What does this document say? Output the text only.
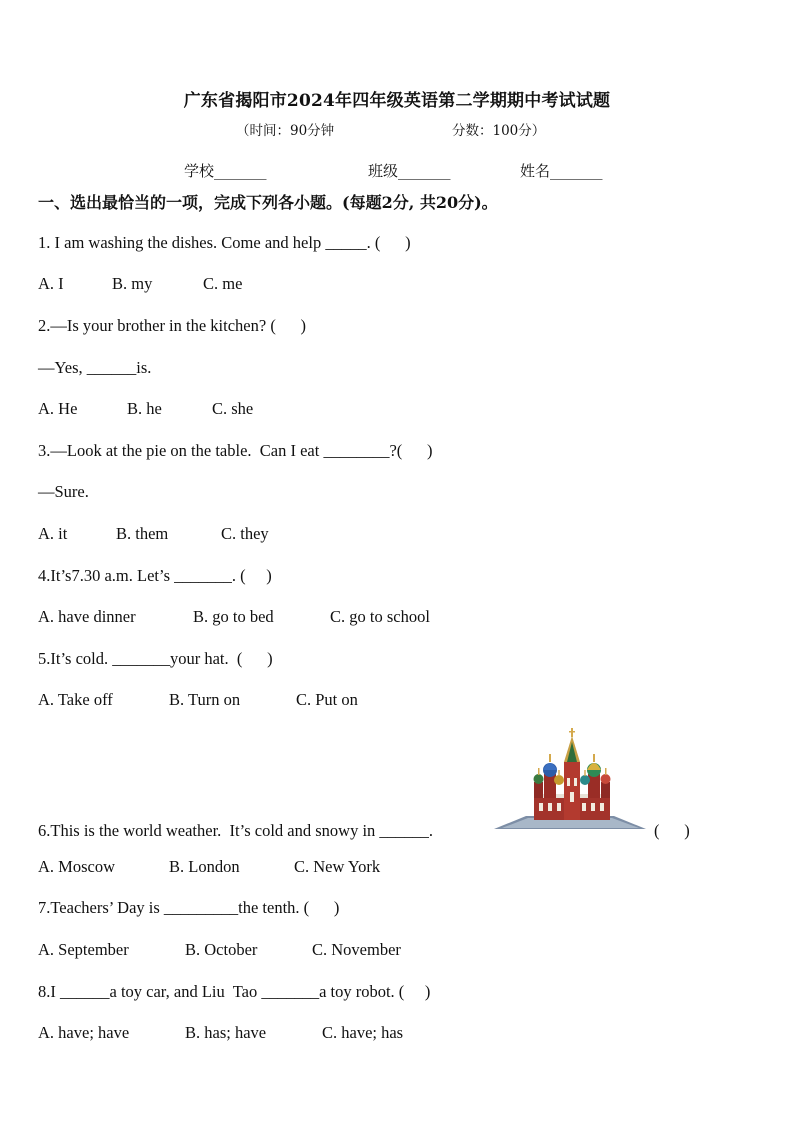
广东省揭阳市2024年四年级英语第二学期期中考试试题
（时间：90分钟	分数：100分）
学校_______	班级_______	姓名_______
一、选出最恰当的一项，完成下列各小题。(每题2分, 共20分)。
1. I am washing the dishes. Come and help _____. (      )
A. I	B. my	C. me
2.—Is your brother in the kitchen? (      )
—Yes, ______is.
A. He	B. he	C. she
3.—Look at the pie on the table.  Can I eat ________?(      )
—Sure.
A. it	B. them	C. they
4.It’s7.30 a.m. Let’s _______. (     )
A. have dinner	B. go to bed	C. go to school
5.It’s cold. _______your hat.  (      )
A. Take off	B. Turn on	C. Put on
6.This is the world weather.  It’s cold and snowy in ______.	(      )
A. Moscow	B. London	C. New York
7.Teachers’ Day is _________the tenth. (      )
A. September	B. October	C. November
8.I ______a toy car, and Liu  Tao _______a toy robot. (     )
A. have; have	B. has; have	C. have; has
